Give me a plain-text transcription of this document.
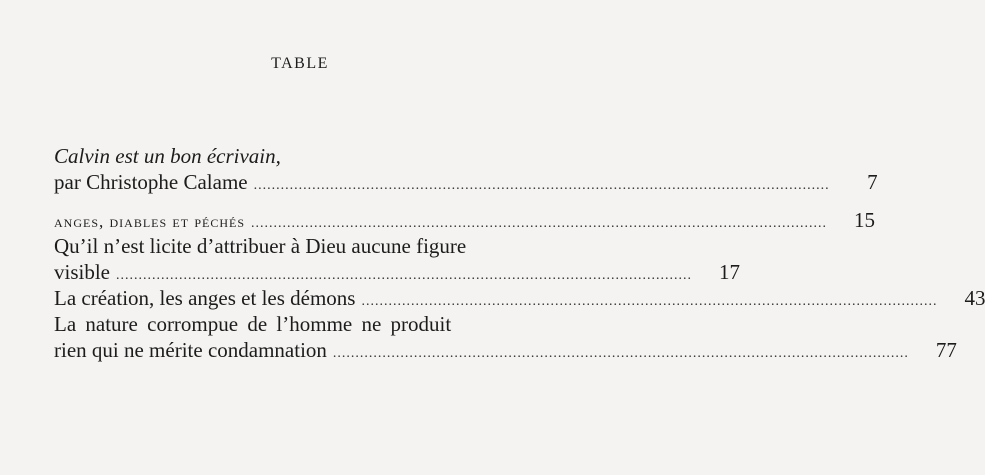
TABLE
Calvin est un bon écrivain,
par Christophe Calame ................................................................................................................................	7
anges, diables et péchés ................................................................................................................................	15
Qu’il n’est licite d’attribuer à Dieu aucune figure
visible ................................................................................................................................	17
La création, les anges et les démons ................................................................................................................................	43
La nature corrompue de l’homme ne produit
rien qui ne mérite condamnation ................................................................................................................................	77
